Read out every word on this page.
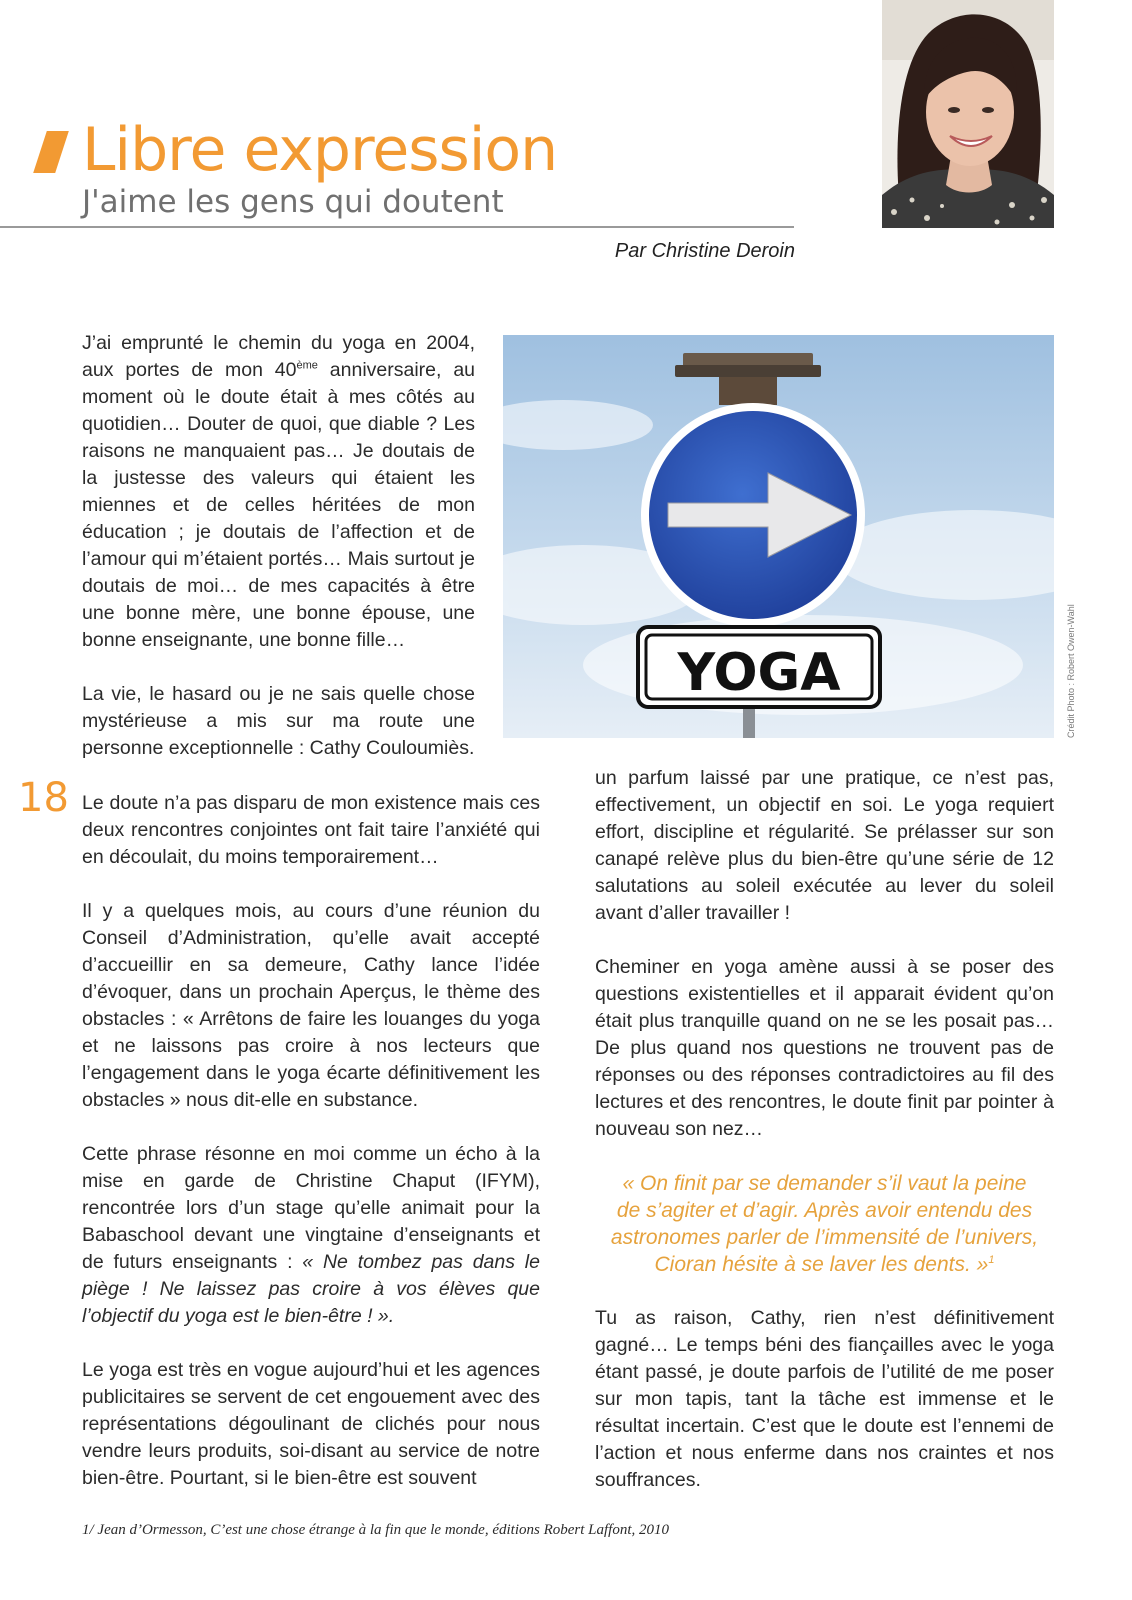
Libre expression
J'aime les gens qui doutent
Par Christine Deroin
18
YOGA	Crédit Photo : Robert Owen-Wahl

J’ai emprunté le chemin du yoga en 2004, aux portes de mon 40ème anniversaire, au moment où le doute était à mes côtés au quotidien… Douter de quoi, que diable ? Les raisons ne manquaient pas… Je doutais de la justesse des valeurs qui étaient les miennes et de celles héritées de mon éducation ; je doutais de l’affection et de l’amour qui m’étaient portés… Mais surtout je doutais de moi… de mes capacités à être une bonne mère, une bonne épouse, une bonne enseignante, une bonne fille…

La vie, le hasard ou je ne sais quelle chose mystérieuse a mis sur ma route une personne exceptionnelle : Cathy Couloumiès.

Le doute n’a pas disparu de mon existence mais ces deux rencontres conjointes ont fait taire l’anxiété qui en découlait, du moins temporairement…

Il y a quelques mois, au cours d’une réunion du Conseil d’Administration, qu’elle avait accepté d’accueillir en sa demeure, Cathy lance l’idée d’évoquer, dans un prochain Aperçus, le thème des obstacles : « Arrêtons de faire les louanges du yoga et ne laissons pas croire à nos lecteurs que l’engagement dans le yoga écarte définitivement les obstacles » nous dit-elle en substance.

Cette phrase résonne en moi comme un écho à la mise en garde de Christine Chaput (IFYM), rencontrée lors d’un stage qu’elle animait pour la Babaschool devant une vingtaine d’enseignants et de futurs enseignants : « Ne tombez pas dans le piège ! Ne laissez pas croire à vos élèves que l’objectif du yoga est le bien-être ! ».

Le yoga est très en vogue aujourd’hui et les agences publicitaires se servent de cet engouement avec des représentations dégoulinant de clichés pour nous vendre leurs produits, soi-disant au service de notre bien-être. Pourtant, si le bien-être est souvent

un parfum laissé par une pratique, ce n’est pas, effectivement, un objectif en soi. Le yoga requiert effort, discipline et régularité. Se prélasser sur son canapé relève plus du bien-être qu’une série de 12 salutations au soleil exécutée au lever du soleil avant d’aller travailler !

Cheminer en yoga amène aussi à se poser des questions existentielles et il apparait évident qu’on était plus tranquille quand on ne se les posait pas… De plus quand nos questions ne trouvent pas de réponses ou des réponses contradictoires au fil des lectures et des rencontres, le doute finit par pointer à nouveau son nez…

« On finit par se demander s’il vaut la peine
de s’agiter et d’agir. Après avoir entendu des
astronomes parler de l’immensité de l’univers,
Cioran hésite à se laver les dents. »$^1$

Tu as raison, Cathy, rien n’est définitivement gagné… Le temps béni des fiançailles avec le yoga étant passé, je doute parfois de l’utilité de me poser sur mon tapis, tant la tâche est immense et le résultat incertain. C’est que le doute est l’ennemi de l’action et nous enferme dans nos craintes et nos souffrances.

1/ Jean d’Ormesson, C’est une chose étrange à la fin que le monde, éditions Robert Laffont, 2010
